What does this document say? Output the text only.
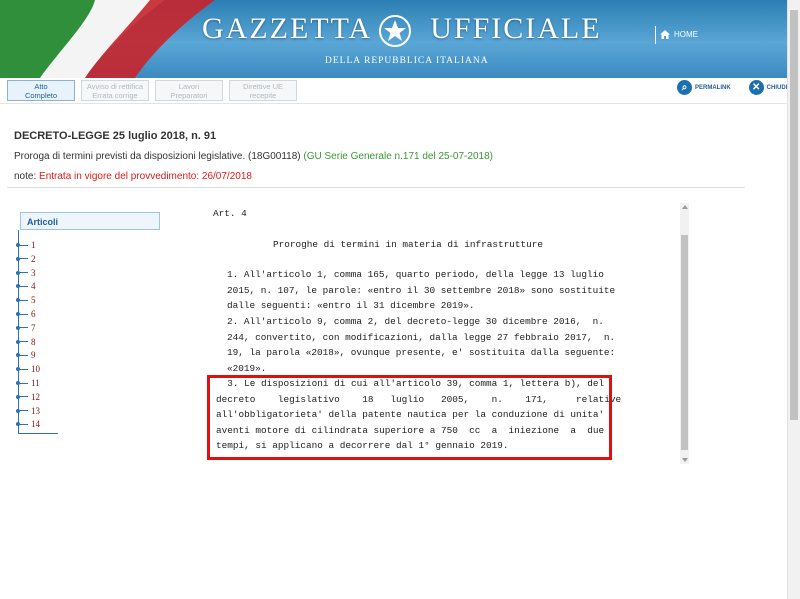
GAZZETTA UFFICIALE
DELLA REPUBBLICA ITALIANA
HOME
Atto
Completo
Avviso di rettifica
Errata corrige
Lavori
Preparatori
Direttive UE
recepite
⌕	PERMALINK	✕	CHIUDI
DECRETO-LEGGE 25 luglio 2018, n. 91
Proroga di termini previsti da disposizioni legislative. (18G00118) (GU Serie Generale n.171 del 25-07-2018)
note: Entrata in vigore del provvedimento: 26/07/2018
Articoli
1
2
3
4
5
6
7
8
9
10
11
12
13
14
Proroghe di termini in materia di infrastrutture
1. All'articolo 1, comma 165, quarto periodo, della legge 13 luglio
2015, n. 107, le parole: «entro il 30 settembre 2018» sono sostituite
dalle seguenti: «entro il 31 dicembre 2019».
2. All'articolo 9, comma 2, del decreto-legge 30 dicembre 2016,  n.
244, convertito, con modificazioni, dalla legge 27 febbraio 2017,  n.
19, la parola «2018», ovunque presente, e' sostituita dalla seguente:
«2019».
3. Le disposizioni di cui all'articolo 39, comma 1, lettera b), del
decreto    legislativo    18   luglio   2005,    n.    171,     relative
all'obbligatorieta' della patente nautica per la conduzione di unita'
aventi motore di cilindrata superiore a 750  cc  a  iniezione  a  due
tempi, si applicano a decorrere dal 1° gennaio 2019.
Art. 4
